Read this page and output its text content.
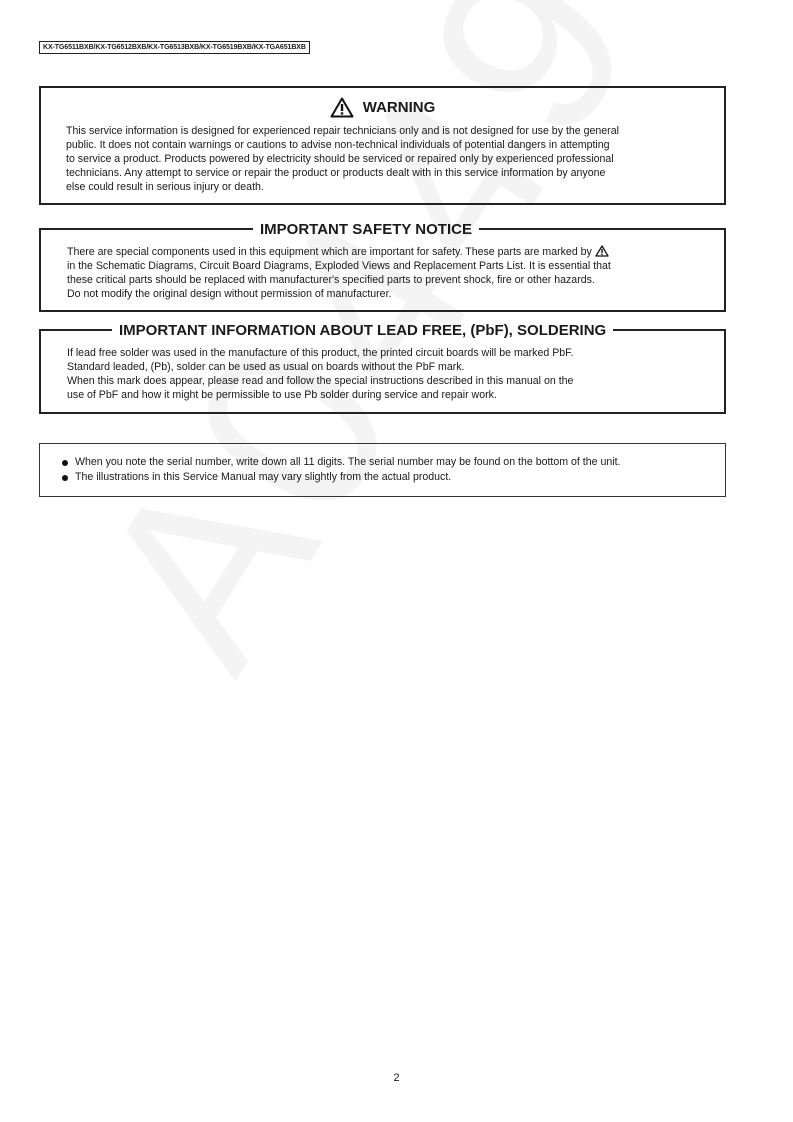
KX-TG6511BXB/KX-TG6512BXB/KX-TG6513BXB/KX-TG6519BXB/KX-TGA651BXB
WARNING

This service information is designed for experienced repair technicians only and is not designed for use by the general
public. It does not contain warnings or cautions to advise non-technical individuals of potential dangers in attempting
to service a product. Products powered by electricity should be serviced or repaired only by experienced professional
technicians. Any attempt to service or repair the product or products dealt with in this service information by anyone
else could result in serious injury or death.

IMPORTANT SAFETY NOTICE

There are special components used in this equipment which are important for safety. These parts are marked by
in the Schematic Diagrams, Circuit Board Diagrams, Exploded Views and Replacement Parts List. It is essential that
these critical parts should be replaced with manufacturer's specified parts to prevent shock, fire or other hazards.
Do not modify the original design without permission of manufacturer.

IMPORTANT INFORMATION ABOUT LEAD FREE, (PbF), SOLDERING

If lead free solder was used in the manufacture of this product, the printed circuit boards will be marked PbF.
Standard leaded, (Pb), solder can be used as usual on boards without the PbF mark.
When this mark does appear, please read and follow the special instructions described in this manual on the
use of PbF and how it might be permissible to use Pb solder during service and repair work.

When you note the serial number, write down all 11 digits. The serial number may be found on the bottom of the unit.
The illustrations in this Service Manual may vary slightly from the actual product.
2
